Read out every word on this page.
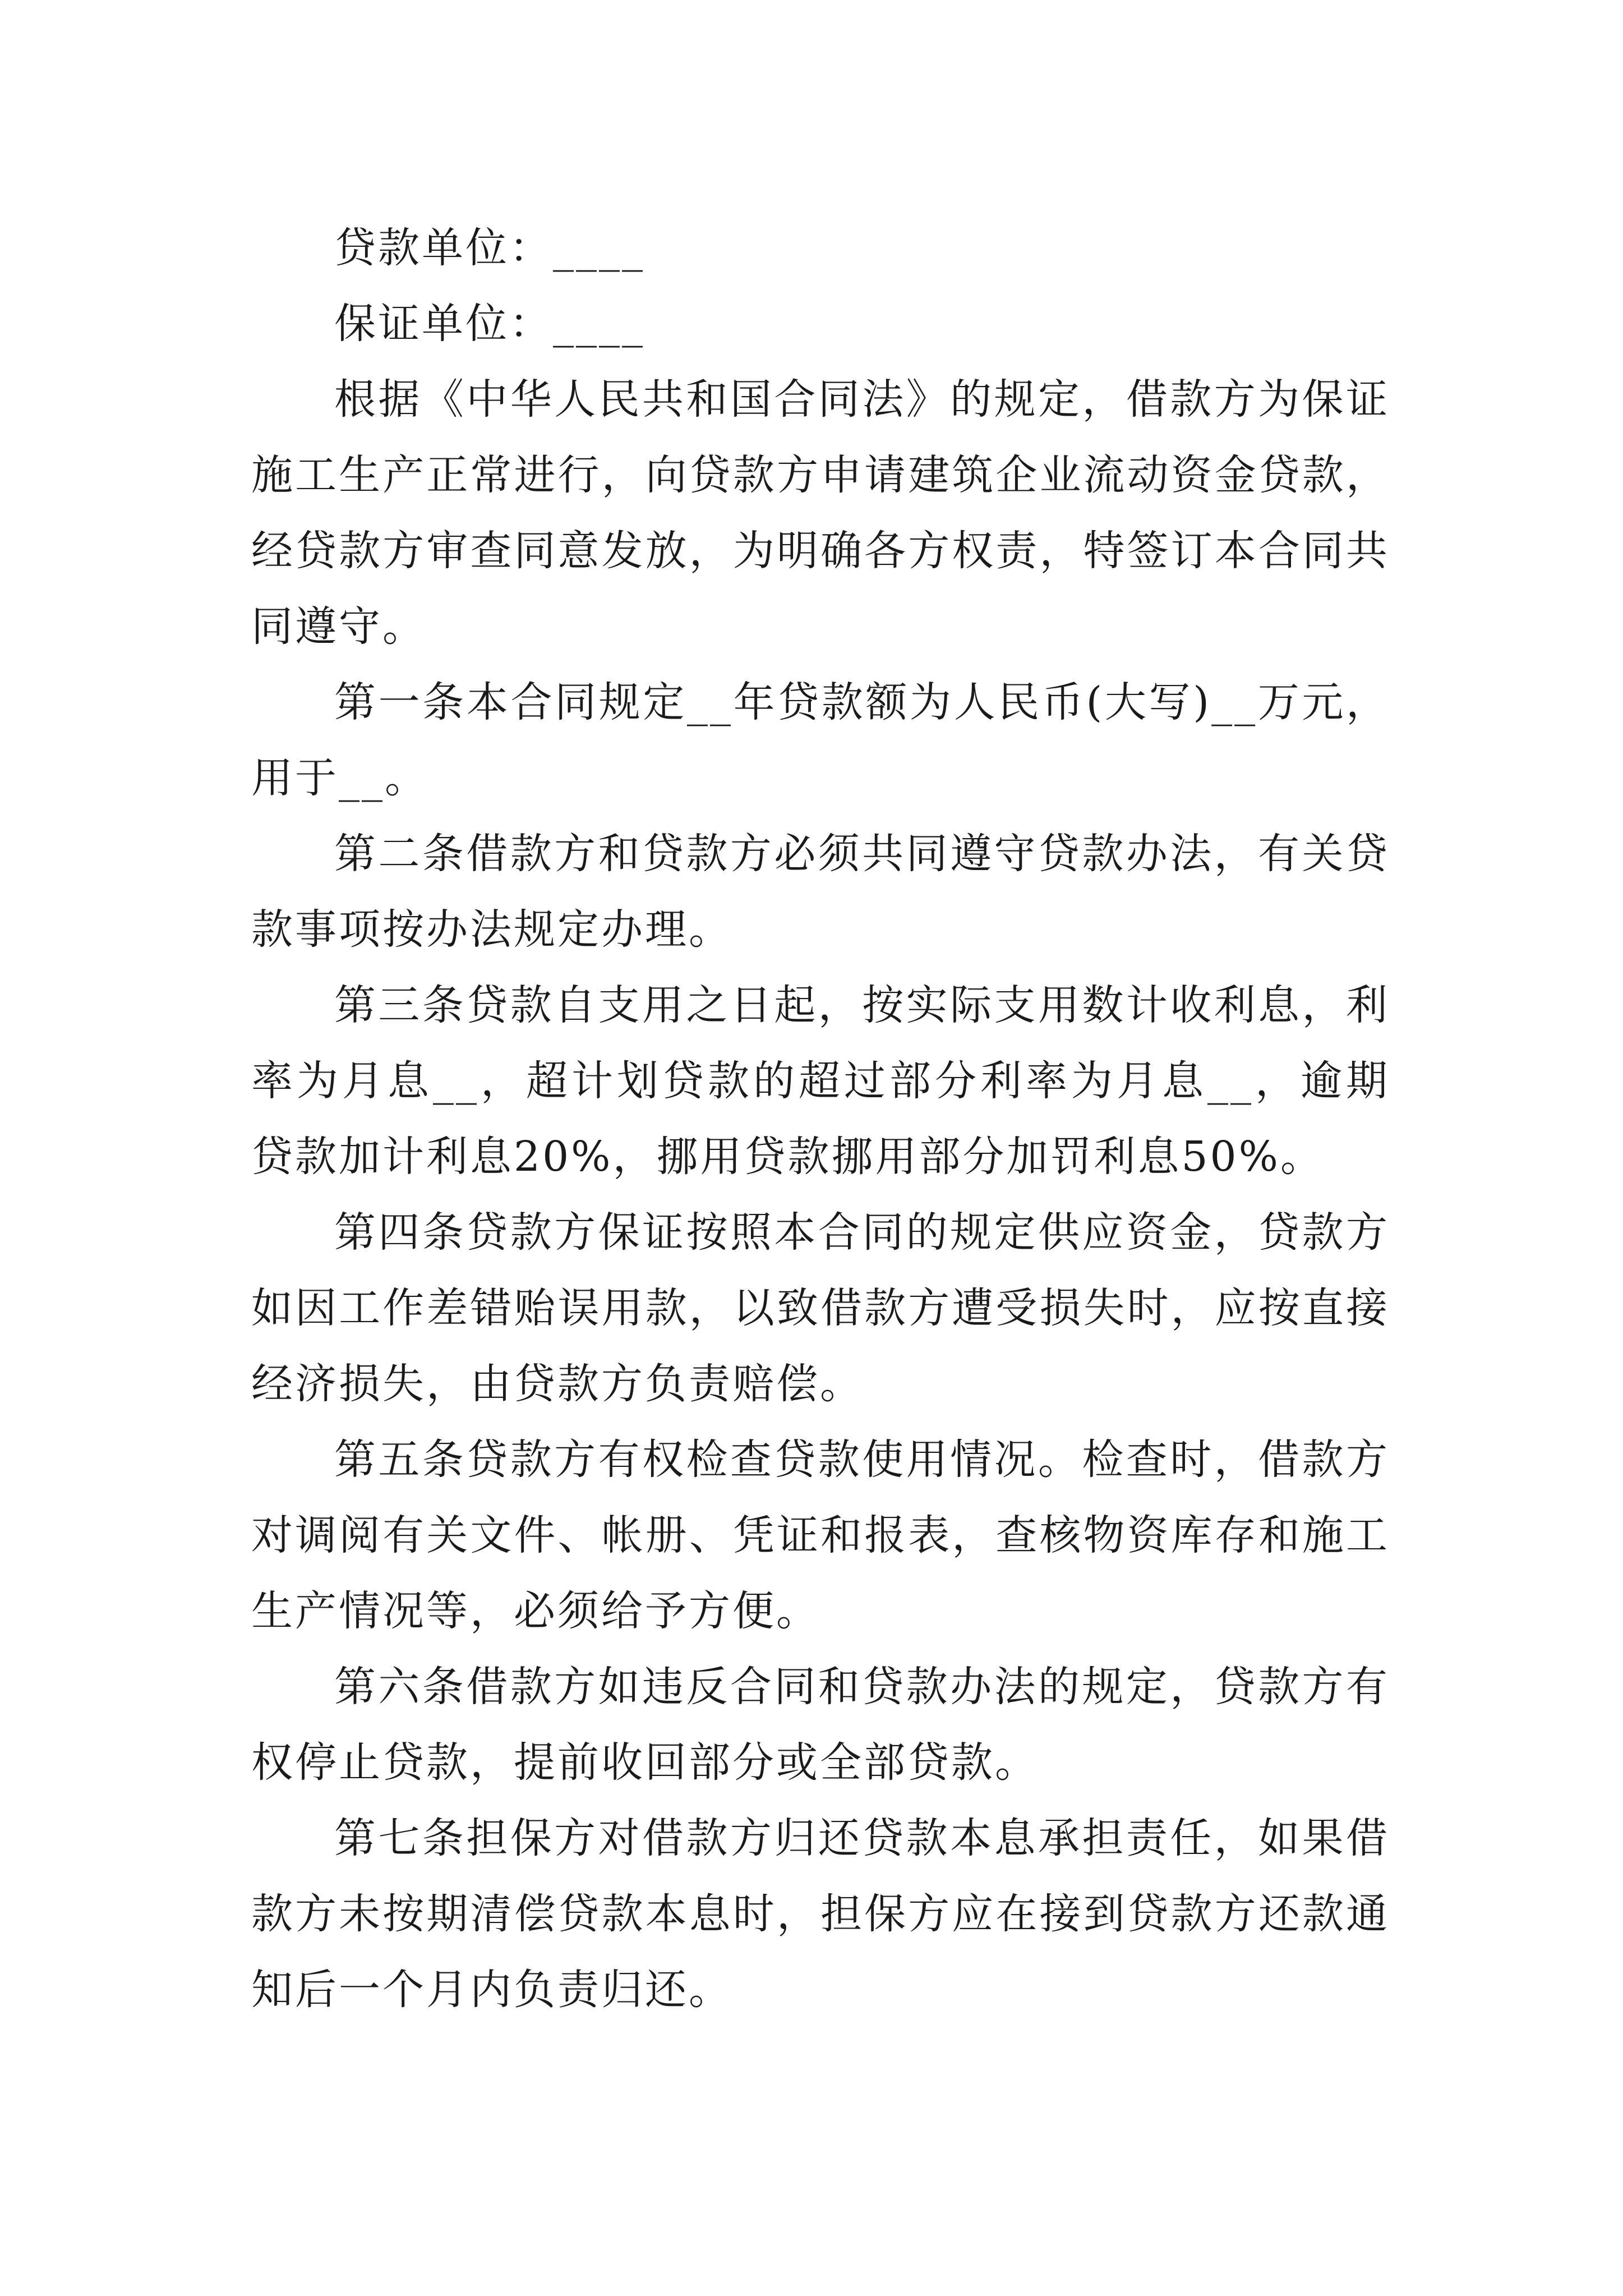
贷款单位：____

保证单位：____

根据《中华人民共和国合同法》的规定，借款方为保证施工生产正常进行，向贷款方申请建筑企业流动资金贷款，经贷款方审查同意发放，为明确各方权责，特签订本合同共同遵守。

第一条本合同规定__年贷款额为人民币(大写)__万元，用于__。

第二条借款方和贷款方必须共同遵守贷款办法，有关贷款事项按办法规定办理。

第三条贷款自支用之日起，按实际支用数计收利息，利率为月息__，超计划贷款的超过部分利率为月息__，逾期贷款加计利息20%，挪用贷款挪用部分加罚利息50%。

第四条贷款方保证按照本合同的规定供应资金，贷款方如因工作差错贻误用款，以致借款方遭受损失时，应按直接经济损失，由贷款方负责赔偿。

第五条贷款方有权检查贷款使用情况。检查时，借款方对调阅有关文件、帐册、凭证和报表，查核物资库存和施工生产情况等，必须给予方便。

第六条借款方如违反合同和贷款办法的规定，贷款方有权停止贷款，提前收回部分或全部贷款。

第七条担保方对借款方归还贷款本息承担责任，如果借款方未按期清偿贷款本息时，担保方应在接到贷款方还款通知后一个月内负责归还。
